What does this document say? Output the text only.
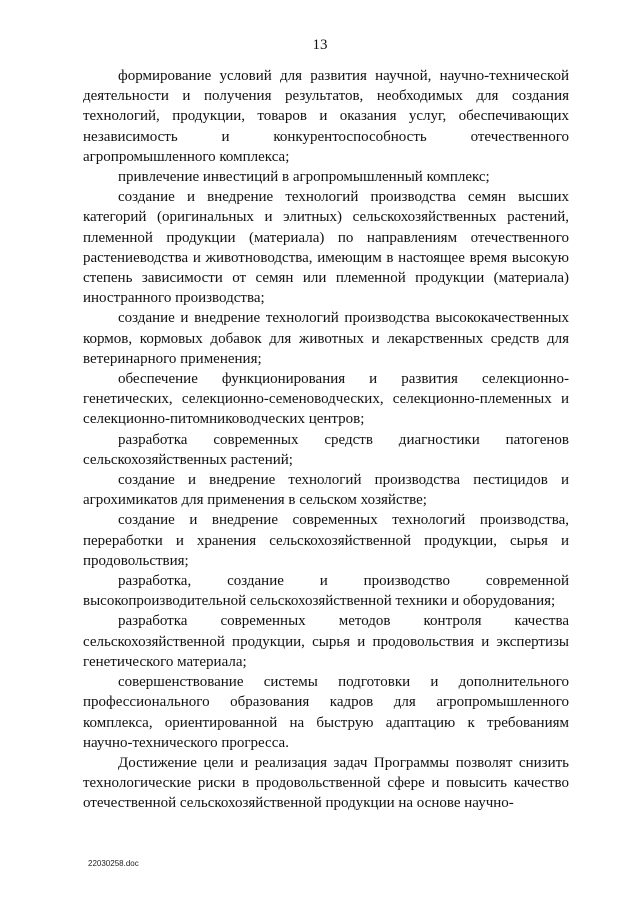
13

формирование условий для развития научной, научно-технической деятельности и получения результатов, необходимых для создания технологий, продукции, товаров и оказания услуг, обеспечивающих независимость и конкурентоспособность отечественного агропромышленного комплекса;

привлечение инвестиций в агропромышленный комплекс;

создание и внедрение технологий производства семян высших категорий (оригинальных и элитных) сельскохозяйственных растений, племенной продукции (материала) по направлениям отечественного растениеводства и животноводства, имеющим в настоящее время высокую степень зависимости от семян или племенной продукции (материала) иностранного производства;

создание и внедрение технологий производства высококачественных кормов, кормовых добавок для животных и лекарственных средств для ветеринарного применения;

обеспечение функционирования и развития селекционно-генетических, селекционно-семеноводческих, селекционно-племенных и селекционно-питомниководческих центров;

разработка современных средств диагностики патогенов сельскохозяйственных растений;

создание и внедрение технологий производства пестицидов и агрохимикатов для применения в сельском хозяйстве;

создание и внедрение современных технологий производства, переработки и хранения сельскохозяйственной продукции, сырья и продовольствия;

разработка, создание и производство современной высокопроизводительной сельскохозяйственной техники и оборудования;

разработка современных методов контроля качества сельскохозяйственной продукции, сырья и продовольствия и экспертизы генетического материала;

совершенствование системы подготовки и дополнительного профессионального образования кадров для агропромышленного комплекса, ориентированной на быструю адаптацию к требованиям научно-технического прогресса.

Достижение цели и реализация задач Программы позволят снизить технологические риски в продовольственной сфере и повысить качество отечественной сельскохозяйственной продукции на основе научно-

22030258.doc
